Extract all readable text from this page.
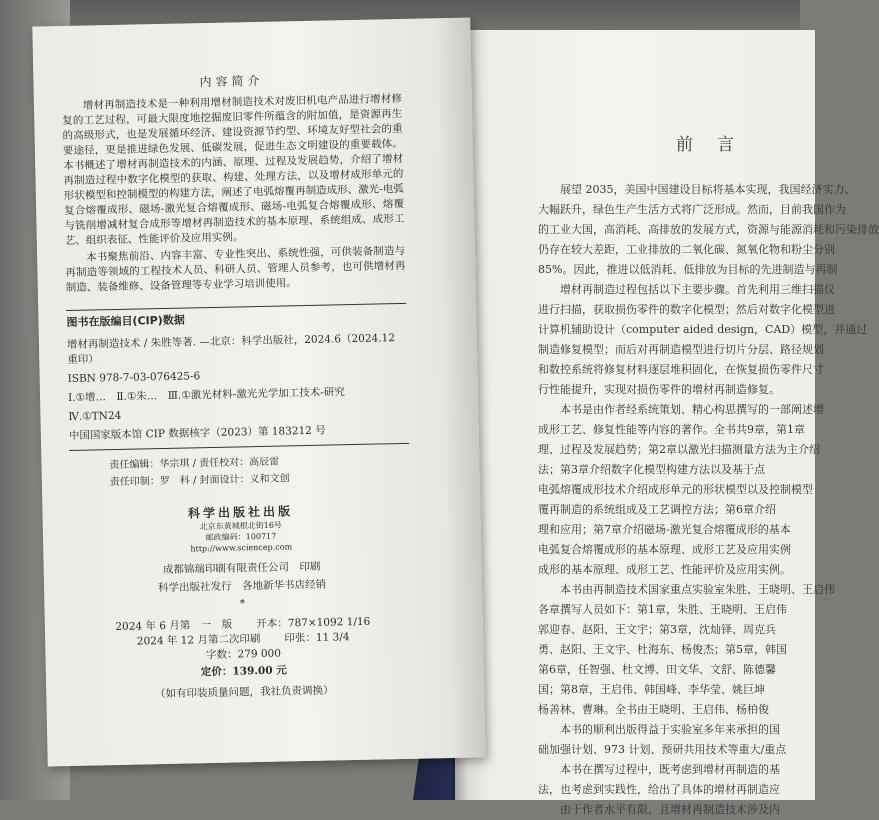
前言

展望 2035，美国中国建设目标将基本实现，我国经济实力、

大幅跃升，绿色生产生活方式将广泛形成。然而，目前我国作为

的工业大国，高消耗、高排放的发展方式，资源与能源消耗和污染排放

仍存在较大差距，工业排放的二氧化碳、氮氧化物和粉尘分别

85%。因此，推进以低消耗、低排放为目标的先进制造与再制

增材再制造过程包括以下主要步骤。首先利用三维扫描仪

进行扫描，获取损伤零件的数字化模型；然后对数字化模型进

计算机辅助设计（computer aided design，CAD）模型，并通过

制造修复模型；而后对再制造模型进行切片分层、路径规划

和数控系统将修复材料逐层堆积固化，在恢复损伤零件尺寸

行性能提升，实现对损伤零件的增材再制造修复。

本书是由作者经系统策划、精心构思撰写的一部阐述增

成形工艺、修复性能等内容的著作。全书共9章，第1章

理、过程及发展趋势；第2章以激光扫描测量方法为主介绍

法；第3章介绍数字化模型构建方法以及基于点

电弧熔覆成形技术介绍成形单元的形状模型以及控制模型

覆再制造的系统组成及工艺调控方法；第6章介绍

理和应用；第7章介绍磁场-激光复合熔覆成形的基本

电弧复合熔覆成形的基本原理、成形工艺及应用实例

成形的基本原理、成形工艺、性能评价及应用实例。

本书由再制造技术国家重点实验室朱胜、王晓明、王启伟

各章撰写人员如下：第1章，朱胜、王晓明、王启伟

郭迎春、赵阳、王文宇；第3章，沈灿铎、周克兵

勇、赵阳、王文宇、杜海东、杨俊杰；第5章，韩国

第6章，任智强、杜文博、田文华、文舒、陈德馨

国；第8章，王启伟、韩国峰、李华莹、姚巨坤

杨善林、曹琳。全书由王晓明、王启伟、杨柏俊

本书的顺利出版得益于实验室多年来承担的国

础加强计划、973 计划、预研共用技术等重大/重点

本书在撰写过程中，既考虑到增材再制造的基

法，也考虑到实践性，给出了具体的增材再制造应

由于作者水平有限，且增材再制造技术涉及内

内容简介

增材再制造技术是一种利用增材制造技术对废旧机电产品进行增材修复的工艺过程，可最大限度地挖掘废旧零件所蕴含的附加值，是资源再生的高级形式，也是发展循环经济、建设资源节约型、环境友好型社会的重要途径，更是推进绿色发展、低碳发展，促进生态文明建设的重要载体。本书概述了增材再制造技术的内涵、原理、过程及发展趋势，介绍了增材再制造过程中数字化模型的获取、构建、处理方法，以及增材成形单元的形状模型和控制模型的构建方法，阐述了电弧熔覆再制造成形、激光-电弧复合熔覆成形、磁场-激光复合熔覆成形、磁场-电弧复合熔覆成形、熔覆与铣削增减材复合成形等增材再制造技术的基本原理、系统组成、成形工艺、组织表征、性能评价及应用实例。

本书聚焦前沿、内容丰富、专业性突出、系统性强，可供装备制造与再制造等领域的工程技术人员、科研人员、管理人员参考，也可供增材再制造、装备维修、设备管理等专业学习培训使用。

图书在版编目(CIP)数据

增材再制造技术 / 朱胜等著. —北京：科学出版社，2024.6（2024.12 重印）

ISBN 978-7-03-076425-6

Ⅰ.①增…　Ⅱ.①朱…　Ⅲ.①激光材料-激光光学加工技术-研究

Ⅳ.①TN24

中国国家版本馆 CIP 数据核字（2023）第 183212 号

责任编辑：华宗琪 / 责任校对：高辰雷

责任印制：罗　科 / 封面设计：义和文创

科学出版社出版
北京东黄城根北街16号
邮政编码：100717
http://www.sciencep.com
成都锦瑞印刷有限责任公司　印刷
科学出版社发行　各地新华书店经销
*
2024 年 6 月第　一　版 开本：787×1092 1/16
2024 年 12 月第二次印刷 印张：11 3/4
字数：279 000
定价：139.00 元
（如有印装质量问题，我社负责调换）
